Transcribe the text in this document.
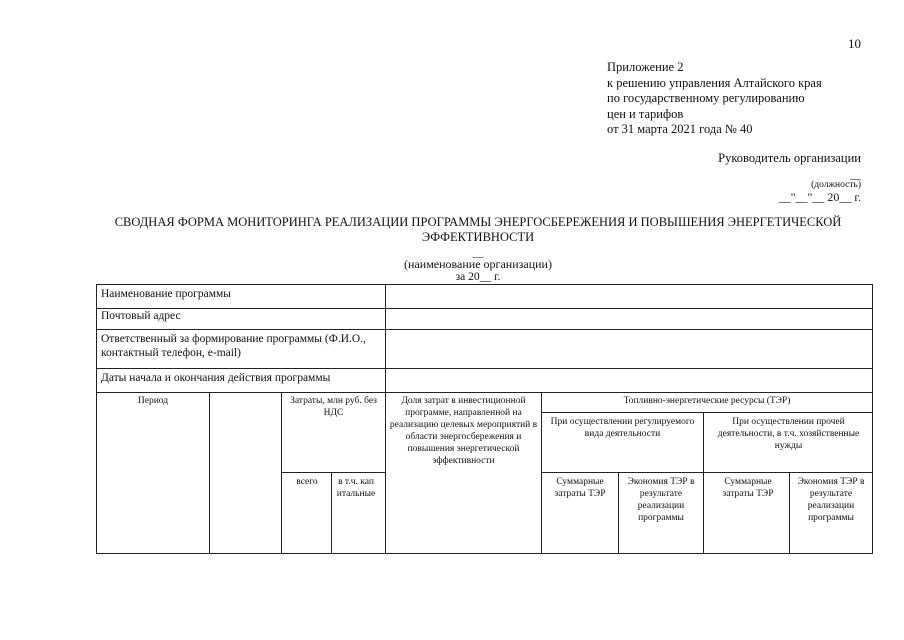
10
Приложение 2
к решению управления Алтайского края
по государственному регулированию
цен и тарифов
от 31 марта 2021 года № 40
Руководитель организации
__
(должность)
__"__"__ 20__ г.
СВОДНАЯ ФОРМА МОНИТОРИНГА РЕАЛИЗАЦИИ ПРОГРАММЫ ЭНЕРГОСБЕРЕЖЕНИЯ И ПОВЫШЕНИЯ ЭНЕРГЕТИЧЕСКОЙ
ЭФФЕКТИВНОСТИ
__
(наименование организации)
за 20__ г.
Наименование программы
Почтовый адрес
Ответственный за формирование программы (Ф.И.О., контактный телефон, e-mail)
Даты начала и окончания действия программы
Период	Затраты, млн руб. без НДС
всего	в т.ч. капитальные
Доля затрат в инвестиционной программе, направленной на реализацию целевых мероприятий в области энергосбережения и повышения энергетической эффективности
Топливно-энергетические ресурсы (ТЭР)
При осуществлении регулируемого вида деятельности
При осуществлении прочей деятельности, в т.ч. хозяйственные нужды
Суммарные затраты ТЭР
Экономия ТЭР в результате реализации программы
Суммарные затраты ТЭР
Экономия ТЭР в результате реализации программы
